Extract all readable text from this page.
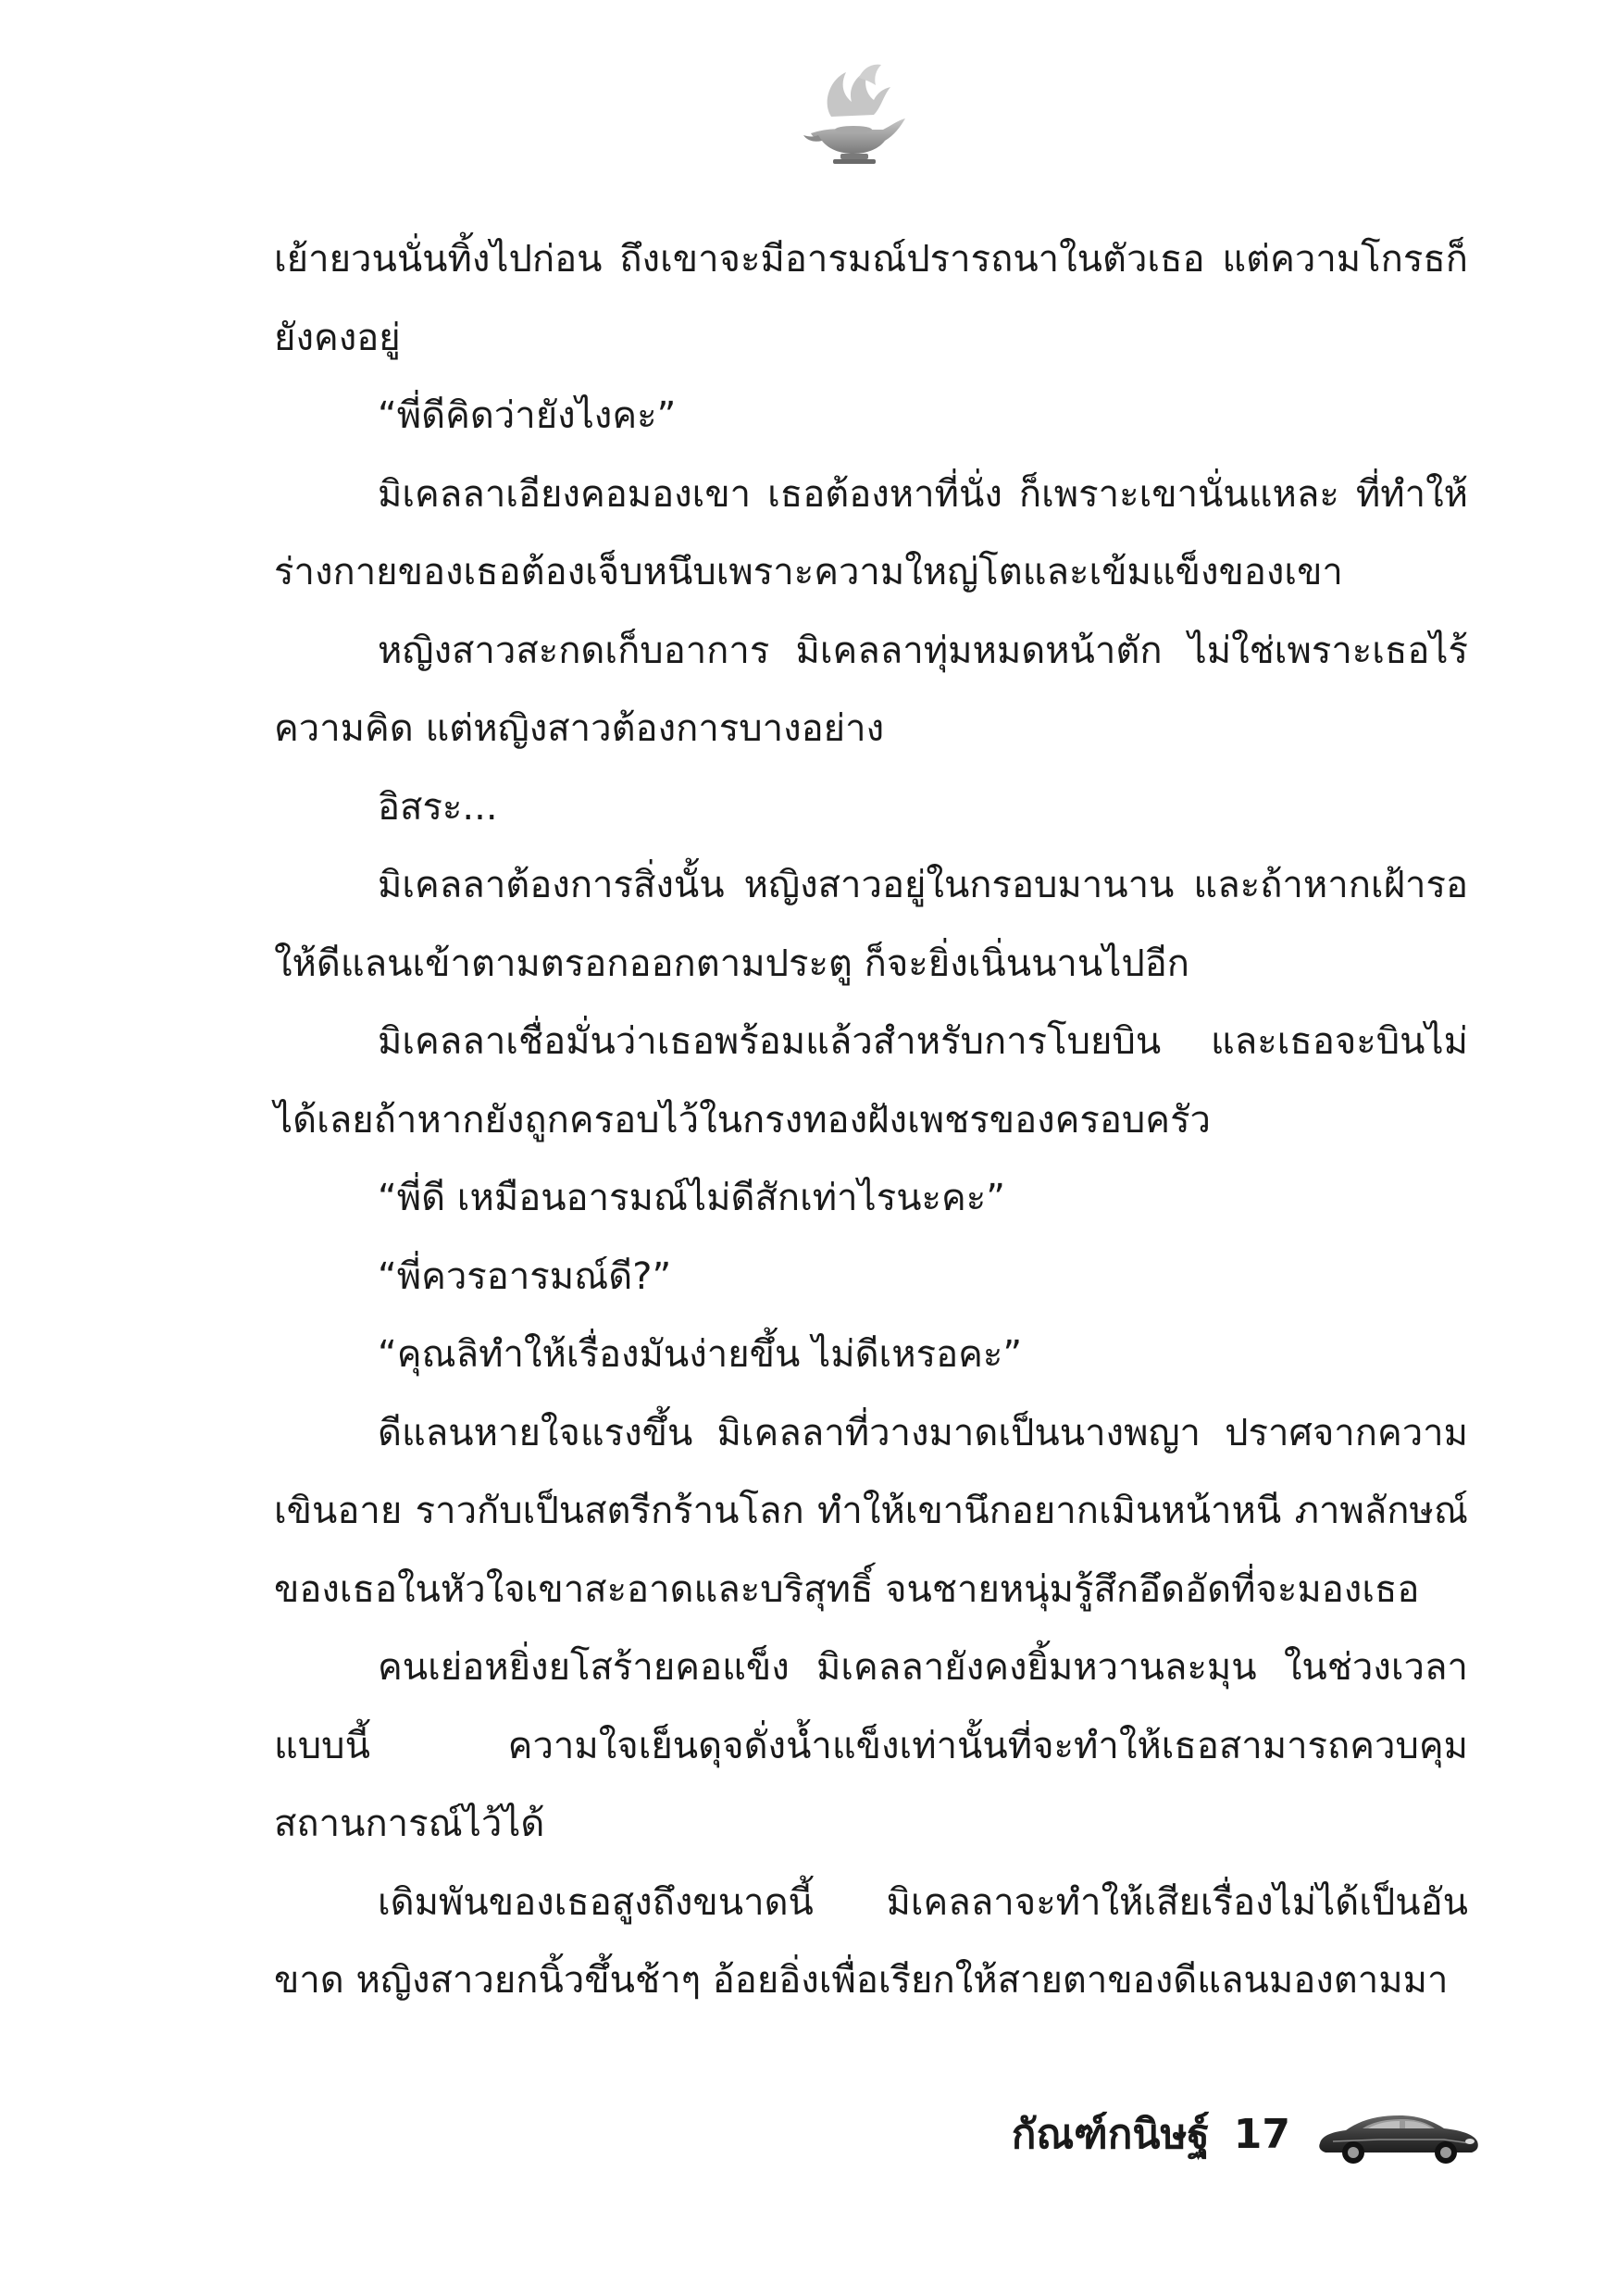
เย้ายวนนั่นทิ้งไปก่อน ถึงเขาจะมีอารมณ์ปรารถนาในตัวเธอ แต่ความโกรธก็ยังคงอยู่

“พี่ดีคิดว่ายังไงคะ”

มิเคลลาเอียงคอมองเขา เธอต้องหาที่นั่ง ก็เพราะเขานั่นแหละ ที่ทำให้ร่างกายของเธอต้องเจ็บหนึบเพราะความใหญ่โตและเข้มแข็งของเขา

หญิงสาวสะกดเก็บอาการ มิเคลลาทุ่มหมดหน้าตัก ไม่ใช่เพราะเธอไร้ความคิด แต่หญิงสาวต้องการบางอย่าง

อิสระ...

มิเคลลาต้องการสิ่งนั้น หญิงสาวอยู่ในกรอบมานาน และถ้าหากเฝ้ารอให้ดีแลนเข้าตามตรอกออกตามประตู ก็จะยิ่งเนิ่นนานไปอีก

มิเคลลาเชื่อมั่นว่าเธอพร้อมแล้วสำหรับการโบยบิน และเธอจะบินไม่ได้เลยถ้าหากยังถูกครอบไว้ในกรงทองฝังเพชรของครอบครัว

“พี่ดี เหมือนอารมณ์ไม่ดีสักเท่าไรนะคะ”

“พี่ควรอารมณ์ดี?”

“คุณลิทำให้เรื่องมันง่ายขึ้น ไม่ดีเหรอคะ”

ดีแลนหายใจแรงขึ้น มิเคลลาที่วางมาดเป็นนางพญา ปราศจากความเขินอาย ราวกับเป็นสตรีกร้านโลก ทำให้เขานึกอยากเมินหน้าหนี ภาพลักษณ์ของเธอในหัวใจเขาสะอาดและบริสุทธิ์ จนชายหนุ่มรู้สึกอึดอัดที่จะมองเธอ

คนเย่อหยิ่งยโสร้ายคอแข็ง มิเคลลายังคงยิ้มหวานละมุน ในช่วงเวลาแบบนี้ ความใจเย็นดุจดั่งน้ำแข็งเท่านั้นที่จะทำให้เธอสามารถควบคุมสถานการณ์ไว้ได้

เดิมพันของเธอสูงถึงขนาดนี้ มิเคลลาจะทำให้เสียเรื่องไม่ได้เป็นอันขาด หญิงสาวยกนิ้วขึ้นช้าๆ อ้อยอิ่งเพื่อเรียกให้สายตาของดีแลนมองตามมา

กัณฑ์กนิษฐ์ 17
